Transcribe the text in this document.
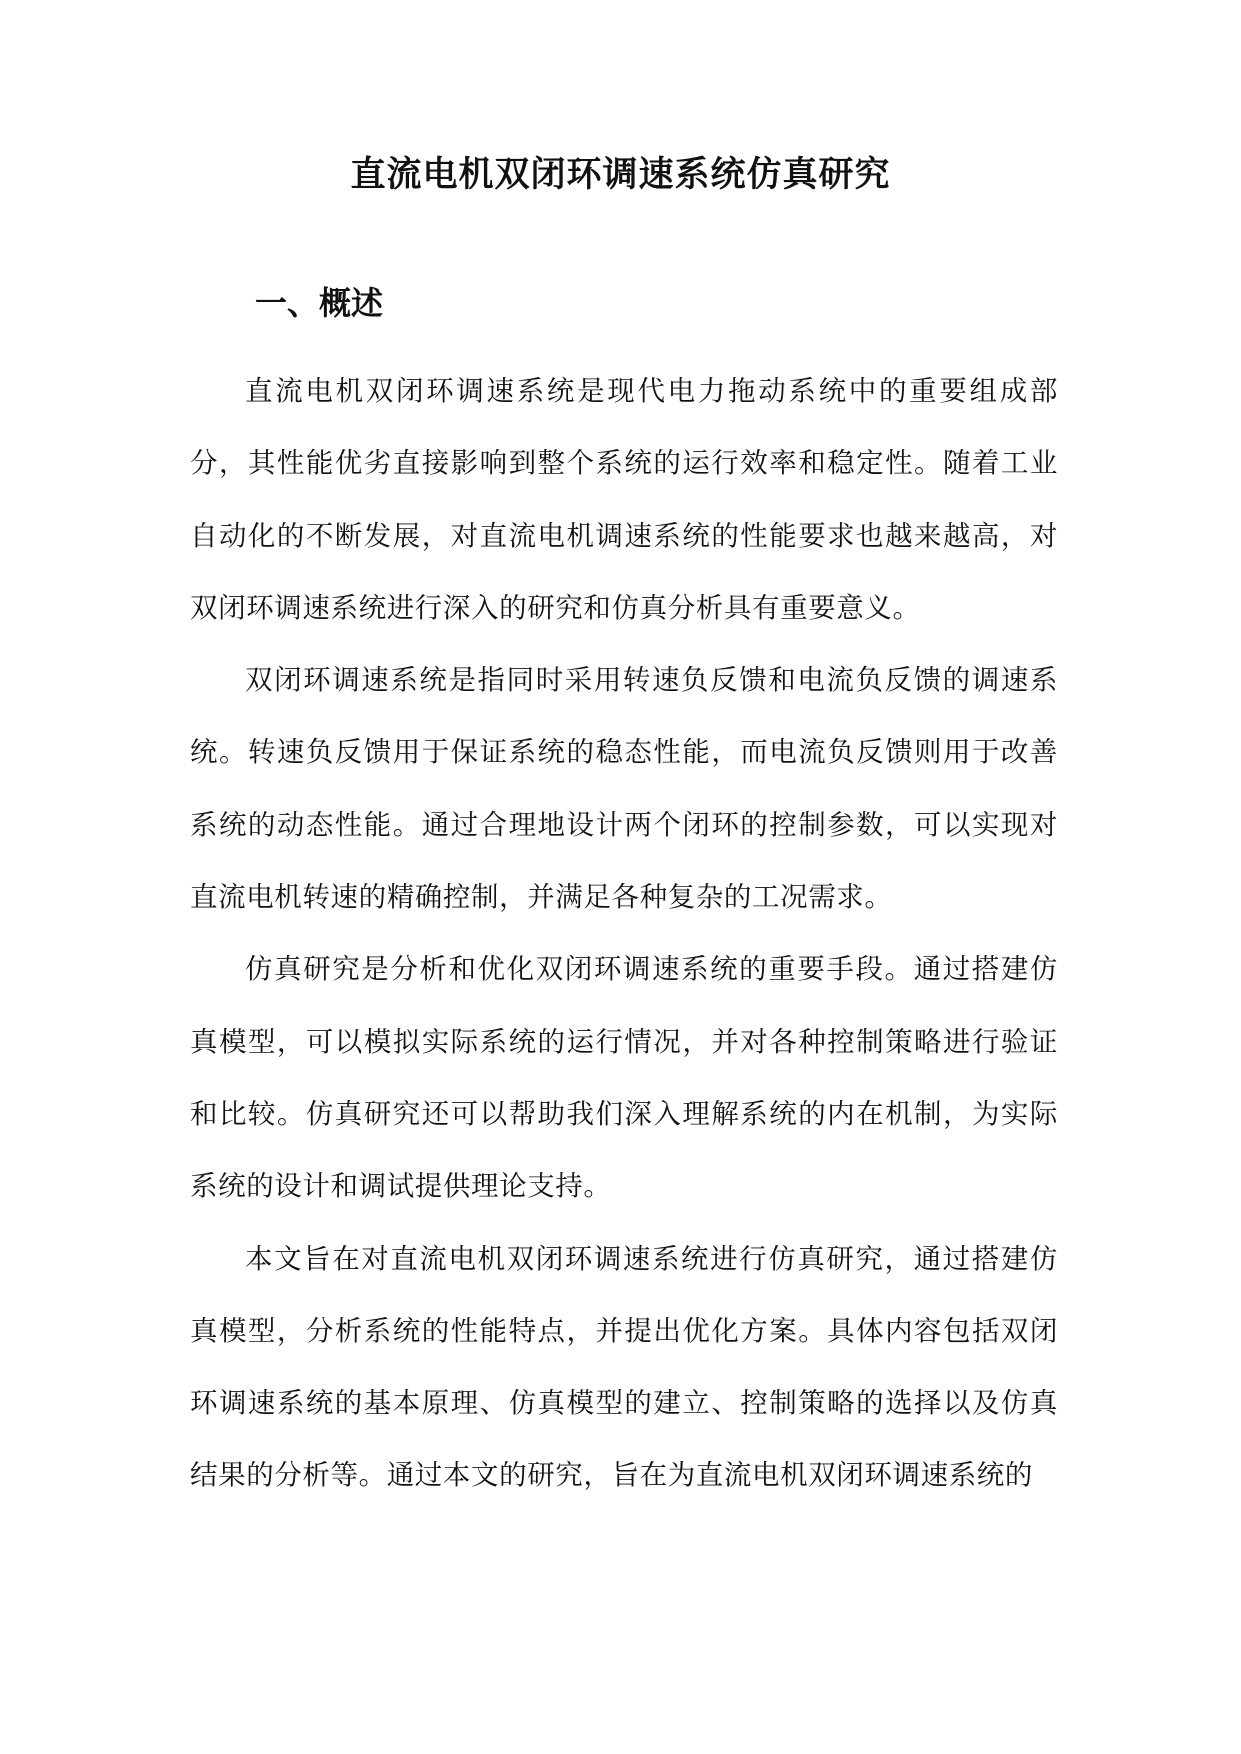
直流电机双闭环调速系统仿真研究
一、概述

直流电机双闭环调速系统是现代电力拖动系统中的重要组成部分，其性能优劣直接影响到整个系统的运行效率和稳定性。随着工业自动化的不断发展，对直流电机调速系统的性能要求也越来越高，对双闭环调速系统进行深入的研究和仿真分析具有重要意义。

双闭环调速系统是指同时采用转速负反馈和电流负反馈的调速系统。转速负反馈用于保证系统的稳态性能，而电流负反馈则用于改善系统的动态性能。通过合理地设计两个闭环的控制参数，可以实现对直流电机转速的精确控制，并满足各种复杂的工况需求。

仿真研究是分析和优化双闭环调速系统的重要手段。通过搭建仿真模型，可以模拟实际系统的运行情况，并对各种控制策略进行验证和比较。仿真研究还可以帮助我们深入理解系统的内在机制，为实际系统的设计和调试提供理论支持。

本文旨在对直流电机双闭环调速系统进行仿真研究，通过搭建仿真模型，分析系统的性能特点，并提出优化方案。具体内容包括双闭环调速系统的基本原理、仿真模型的建立、控制策略的选择以及仿真结果的分析等。通过本文的研究，旨在为直流电机双闭环调速系统的
